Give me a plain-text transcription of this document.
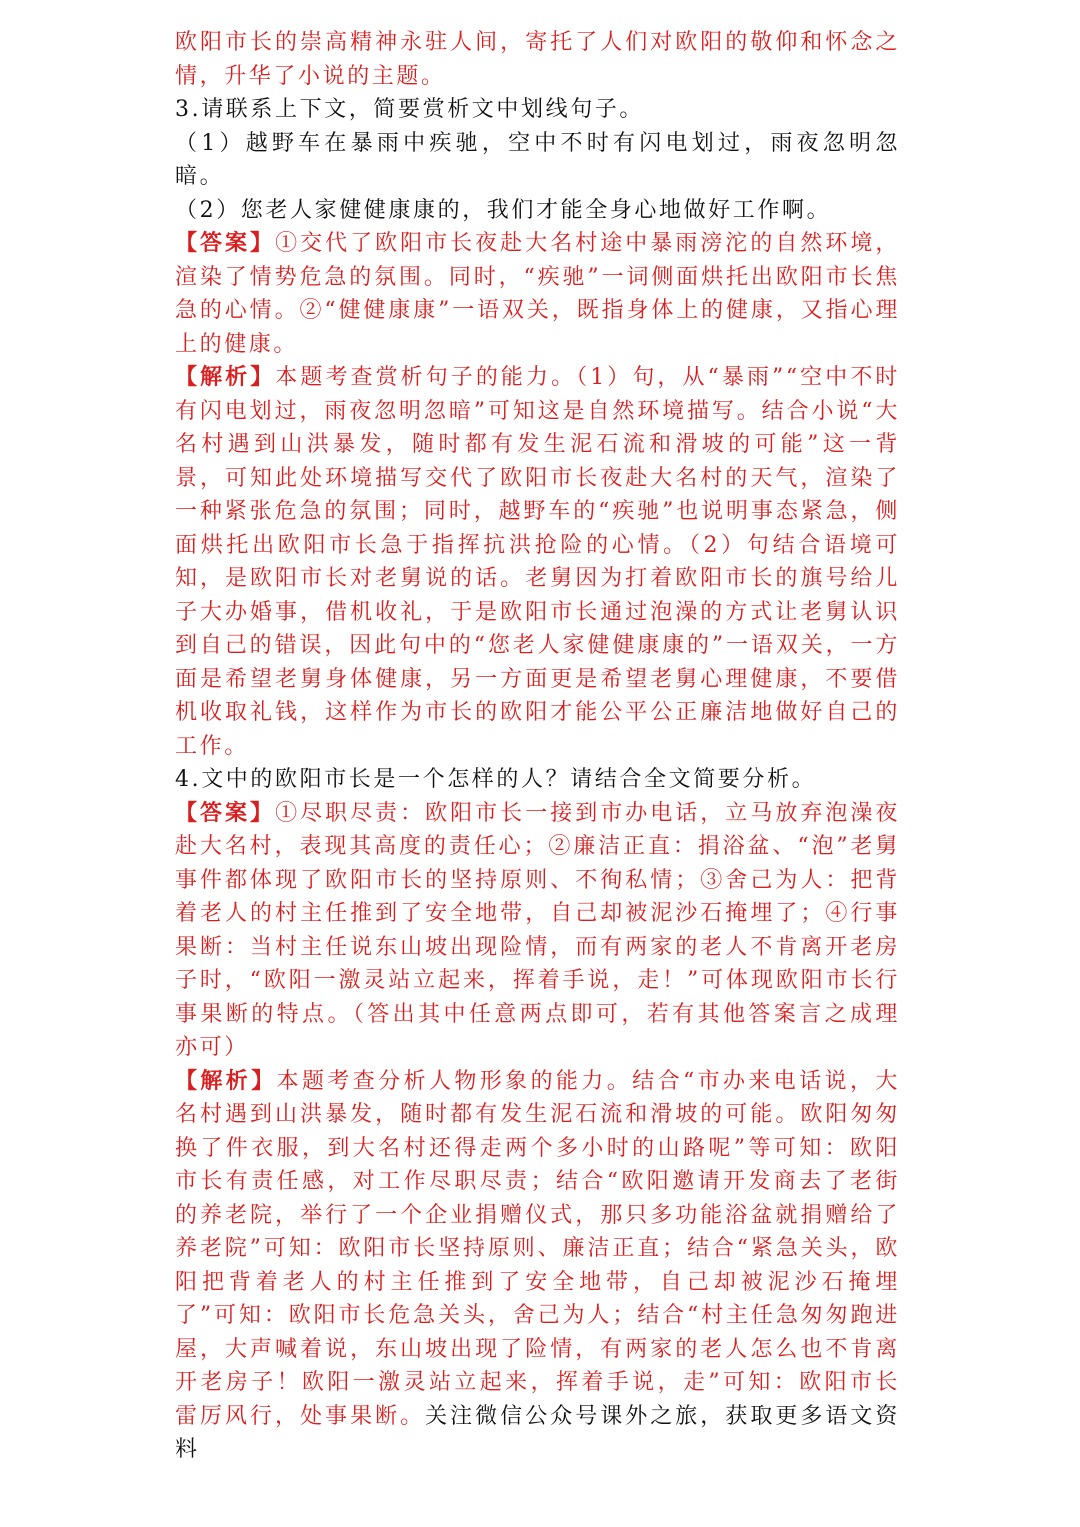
欧阳市长的崇高精神永驻人间，寄托了人们对欧阳的敬仰和怀念之情，升华了小说的主题。

3.请联系上下文，简要赏析文中划线句子。

（1）越野车在暴雨中疾驰，空中不时有闪电划过，雨夜忽明忽暗。

（2）您老人家健健康康的，我们才能全身心地做好工作啊。

【答案】①交代了欧阳市长夜赴大名村途中暴雨滂沱的自然环境，渲染了情势危急的氛围。同时，“疾驰”一词侧面烘托出欧阳市长焦急的心情。②“健健康康”一语双关，既指身体上的健康，又指心理上的健康。

【解析】本题考查赏析句子的能力。（1）句，从“暴雨”“空中不时有闪电划过，雨夜忽明忽暗”可知这是自然环境描写。结合小说“大名村遇到山洪暴发，随时都有发生泥石流和滑坡的可能”这一背景，可知此处环境描写交代了欧阳市长夜赴大名村的天气，渲染了一种紧张危急的氛围；同时，越野车的“疾驰”也说明事态紧急，侧面烘托出欧阳市长急于指挥抗洪抢险的心情。（2）句结合语境可知，是欧阳市长对老舅说的话。老舅因为打着欧阳市长的旗号给儿子大办婚事，借机收礼，于是欧阳市长通过泡澡的方式让老舅认识到自己的错误，因此句中的“您老人家健健康康的”一语双关，一方面是希望老舅身体健康，另一方面更是希望老舅心理健康，不要借机收取礼钱，这样作为市长的欧阳才能公平公正廉洁地做好自己的工作。

4.文中的欧阳市长是一个怎样的人？请结合全文简要分析。

【答案】①尽职尽责：欧阳市长一接到市办电话，立马放弃泡澡夜赴大名村，表现其高度的责任心；②廉洁正直：捐浴盆、“泡”老舅事件都体现了欧阳市长的坚持原则、不徇私情；③舍己为人：把背着老人的村主任推到了安全地带，自己却被泥沙石掩埋了；④行事果断：当村主任说东山坡出现险情，而有两家的老人不肯离开老房子时，“欧阳一激灵站立起来，挥着手说，走！”可体现欧阳市长行事果断的特点。（答出其中任意两点即可，若有其他答案言之成理亦可）

【解析】本题考查分析人物形象的能力。结合“市办来电话说，大名村遇到山洪暴发，随时都有发生泥石流和滑坡的可能。欧阳匆匆换了件衣服，到大名村还得走两个多小时的山路呢”等可知：欧阳市长有责任感，对工作尽职尽责；结合“欧阳邀请开发商去了老街的养老院，举行了一个企业捐赠仪式，那只多功能浴盆就捐赠给了养老院”可知：欧阳市长坚持原则、廉洁正直；结合“紧急关头，欧阳把背着老人的村主任推到了安全地带，自己却被泥沙石掩埋了”可知：欧阳市长危急关头，舍己为人；结合“村主任急匆匆跑进屋，大声喊着说，东山坡出现了险情，有两家的老人怎么也不肯离开老房子！欧阳一激灵站立起来，挥着手说，走”可知：欧阳市长雷厉风行，处事果断。关注微信公众号课外之旅，获取更多语文资料
